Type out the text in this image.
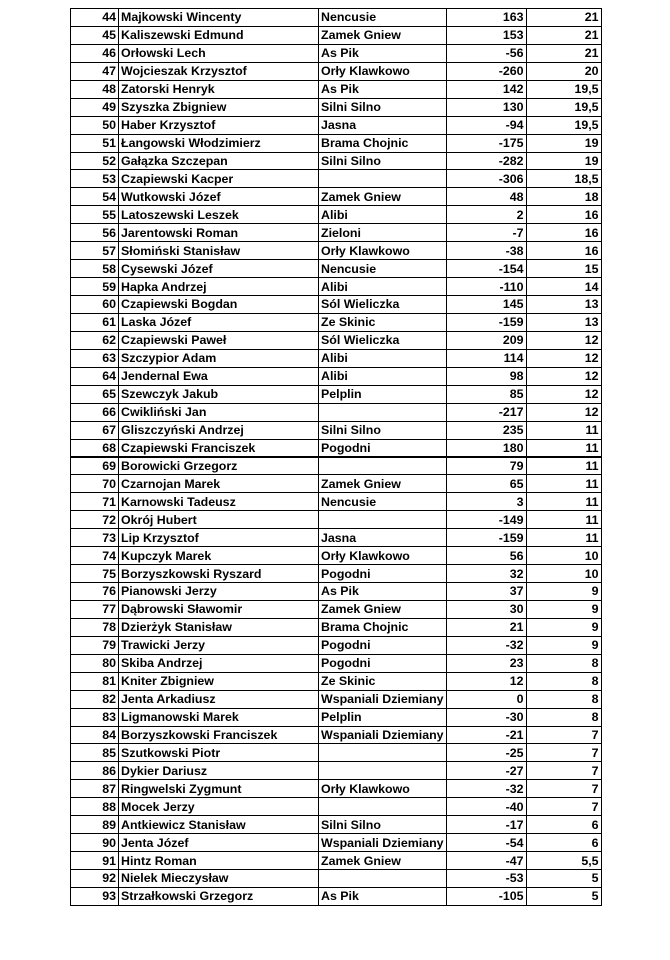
44	Majkowski Wincenty	Nencusie	163	21
45	Kaliszewski Edmund	Zamek Gniew	153	21
46	Orłowski Lech	As Pik	-56	21
47	Wojcieszak Krzysztof	Orły Klawkowo	-260	20
48	Zatorski Henryk	As Pik	142	19,5
49	Szyszka Zbigniew	Silni Silno	130	19,5
50	Haber Krzysztof	Jasna	-94	19,5
51	Łangowski Włodzimierz	Brama Chojnic	-175	19
52	Gałązka Szczepan	Silni Silno	-282	19
53	Czapiewski Kacper		-306	18,5
54	Wutkowski Józef	Zamek Gniew	48	18
55	Latoszewski Leszek	Alibi	2	16
56	Jarentowski Roman	Zieloni	-7	16
57	Słomiński Stanisław	Orły Klawkowo	-38	16
58	Cysewski Józef	Nencusie	-154	15
59	Hapka Andrzej	Alibi	-110	14
60	Czapiewski Bogdan	Sól Wieliczka	145	13
61	Laska Józef	Ze Skinic	-159	13
62	Czapiewski Paweł	Sól Wieliczka	209	12
63	Szczypior Adam	Alibi	114	12
64	Jendernal Ewa	Alibi	98	12
65	Szewczyk Jakub	Pelplin	85	12
66	Cwikliński Jan		-217	12
67	Gliszczyński Andrzej	Silni Silno	235	11
68	Czapiewski Franciszek	Pogodni	180	11
69	Borowicki Grzegorz		79	11
70	Czarnojan Marek	Zamek Gniew	65	11
71	Karnowski Tadeusz	Nencusie	3	11
72	Okrój Hubert		-149	11
73	Lip Krzysztof	Jasna	-159	11
74	Kupczyk Marek	Orły Klawkowo	56	10
75	Borzyszkowski Ryszard	Pogodni	32	10
76	Pianowski Jerzy	As Pik	37	9
77	Dąbrowski Sławomir	Zamek Gniew	30	9
78	Dzierżyk Stanisław	Brama Chojnic	21	9
79	Trawicki Jerzy	Pogodni	-32	9
80	Skiba Andrzej	Pogodni	23	8
81	Kniter Zbigniew	Ze Skinic	12	8
82	Jenta Arkadiusz	Wspaniali Dziemiany	0	8
83	Ligmanowski Marek	Pelplin	-30	8
84	Borzyszkowski Franciszek	Wspaniali Dziemiany	-21	7
85	Szutkowski Piotr		-25	7
86	Dykier Dariusz		-27	7
87	Ringwelski Zygmunt	Orły Klawkowo	-32	7
88	Mocek Jerzy		-40	7
89	Antkiewicz Stanisław	Silni Silno	-17	6
90	Jenta Józef	Wspaniali Dziemiany	-54	6
91	Hintz Roman	Zamek Gniew	-47	5,5
92	Nielek Mieczysław		-53	5
93	Strzałkowski Grzegorz	As Pik	-105	5
